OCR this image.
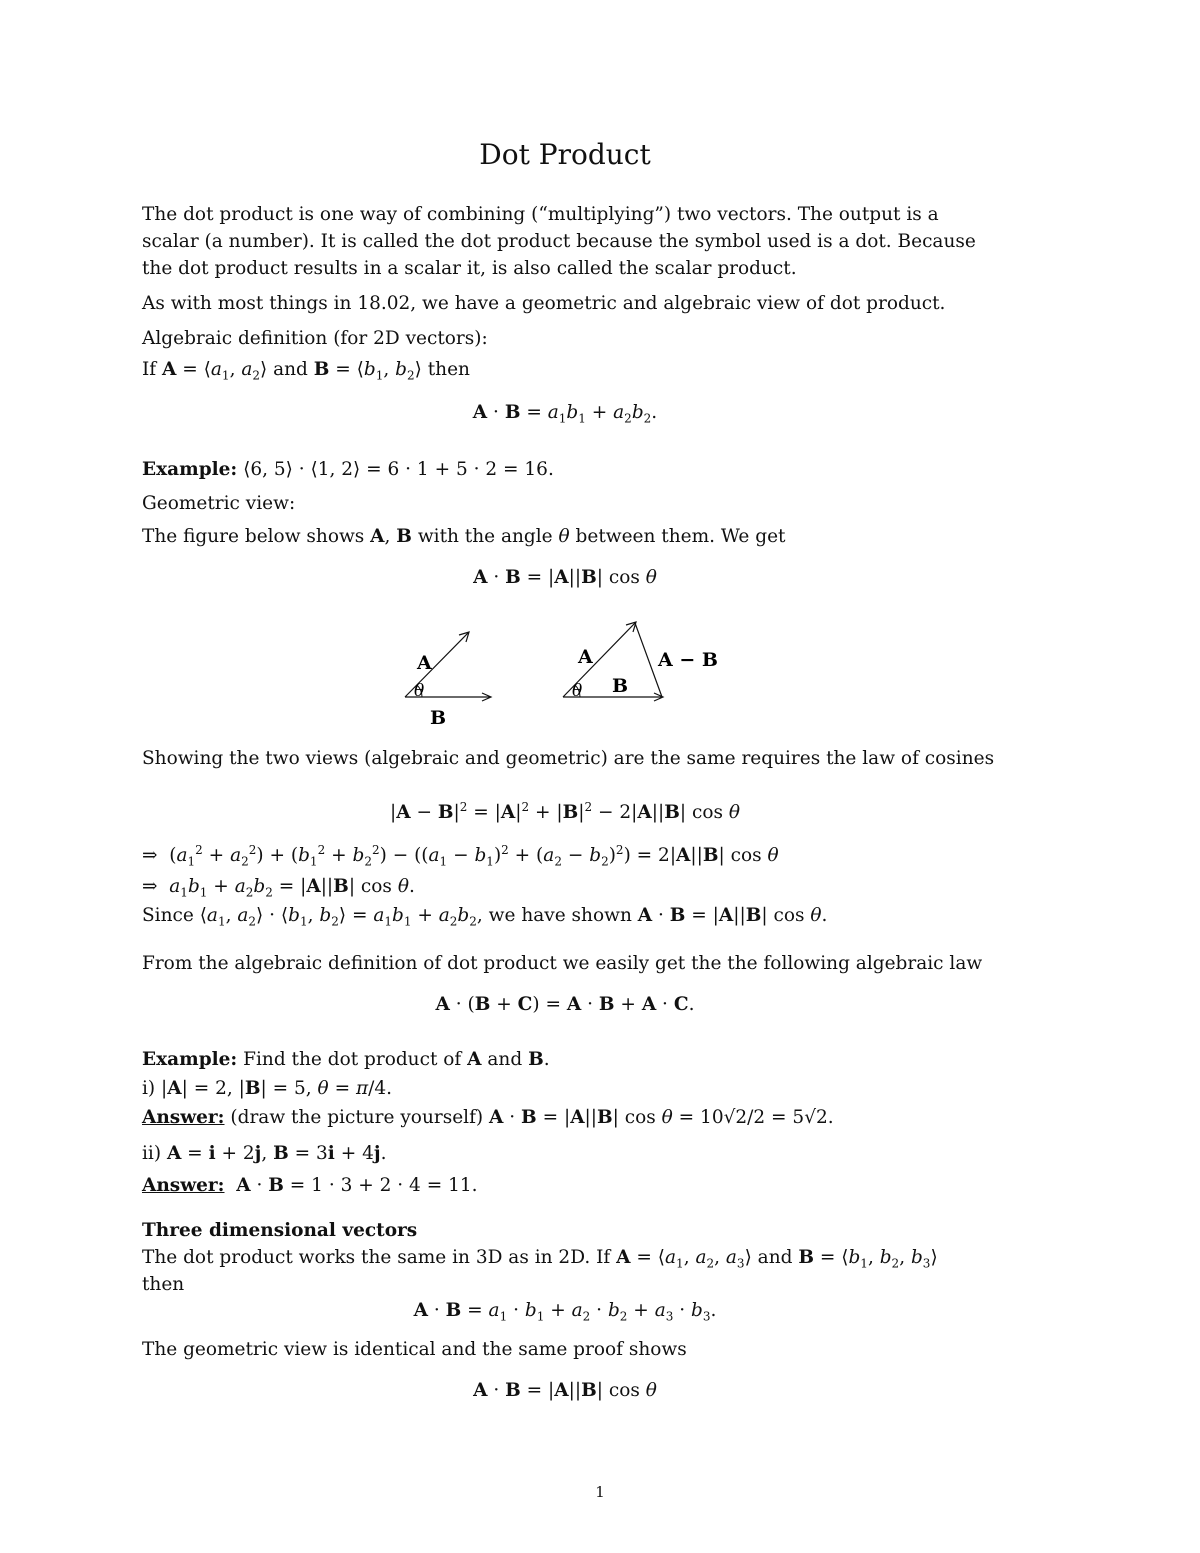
Dot Product
The dot product is one way of combining (“multiplying”) two vectors. The output is a
scalar (a number). It is called the dot product because the symbol used is a dot. Because
the dot product results in a scalar it, is also called the scalar product.
As with most things in 18.02, we have a geometric and algebraic view of dot product.
Algebraic definition (for 2D vectors):
If $A = ⟨a_1$, $a_2⟩$ and $B = ⟨b_1$, $b_2⟩$ then
$A \cdot B = a_1b_1 + a_2b_2$.
Example: ⟨6, 5⟩ · ⟨1, 2⟩ = 6 · 1 + 5 · 2 = 16.
Geometric view:
The figure below shows A, B with the angle θ between them. We get
A · B = |A||B| cos θ
A
θ
B
A
θ B
A − B
Showing the two views (algebraic and geometric) are the same requires the law of cosines
$|A - B|^2 = |A|^2 + |B|^2 - 2|A||B|$ cos θ
⇒  $(a_1^2 + a_2^2) + (b_1^2 + b_2^2) - ((a_1 - b_1)^2 + (a_2 - b_2)^2) = 2|A||B|$ cos θ
⇒  $a_1b_1 + a_2b_2 = |A||B|$ cos θ.
Since $⟨a_1$, $a_2⟩$ · $⟨b_1$, $b_2⟩ = a_1b_1 + a_2b_2$, we have shown A · B = |A||B| cos θ.
From the algebraic definition of dot product we easily get the the following algebraic law
A · (B + C) = A · B + A · C.
Example: Find the dot product of A and B.
i) |A| = 2, |B| = 5, θ = π/4.
Answer: (draw the picture yourself) A · B = |A||B| cos θ = 10√2/2 = 5√2.
ii) A = i + 2j, B = 3i + 4j.
Answer: A · B = 1 · 3 + 2 · 4 = 11.
Three dimensional vectors
The dot product works the same in 3D as in 2D. If $A = ⟨a_1$, $a_2$, $a_3⟩$ and $B = ⟨b_1$, $b_2$, $b_3⟩$
then
$A \cdot B = a_1 \cdot b_1 + a_2 \cdot b_2 + a_3 \cdot b_3$.
The geometric view is identical and the same proof shows
A · B = |A||B| cos θ
1
